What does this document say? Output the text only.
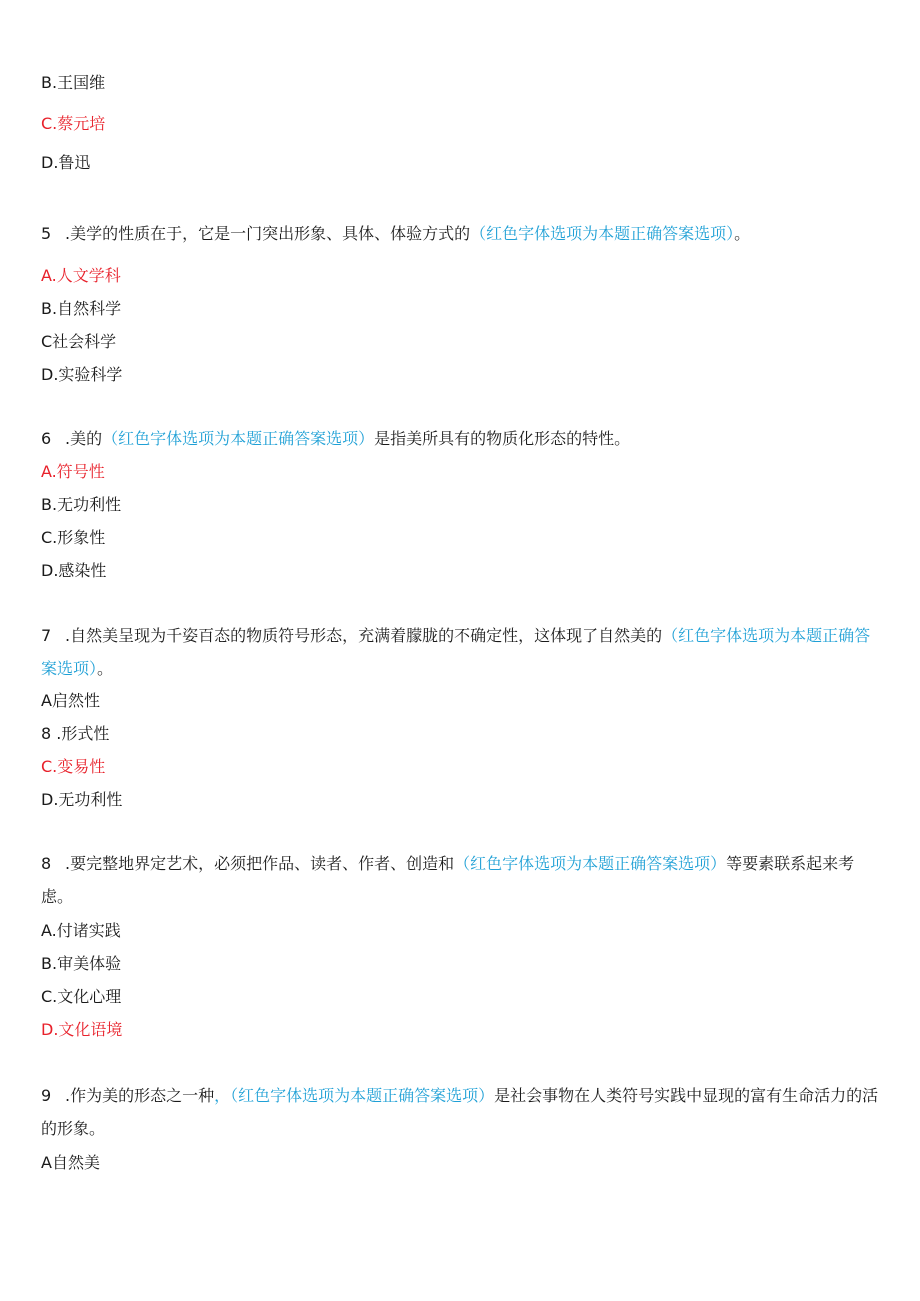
B.王国维
C.蔡元培
D.鲁迅
5 .美学的性质在于，它是一门突出形象、具体、体验方式的（红色字体选项为本题正确答案选项）。
A.人文学科
B.自然科学
C社会科学
D.实验科学
6 .美的（红色字体选项为本题正确答案选项）是指美所具有的物质化形态的特性。
A.符号性
B.无功利性
C.形象性
D.感染性
7 .自然美呈现为千姿百态的物质符号形态，充满着朦胧的不确定性，这体现了自然美的（红色字体选项为本题正确答案选项）。
A启然性
8 .形式性
C.变易性
D.无功利性
8 .要完整地界定艺术，必须把作品、读者、作者、创造和（红色字体选项为本题正确答案选项）等要素联系起来考虑。
A.付诸实践
B.审美体验
C.文化心理
D.文化语境
9 .作为美的形态之一种，（红色字体选项为本题正确答案选项）是社会事物在人类符号实践中显现的富有生命活力的活的形象。
A自然美
